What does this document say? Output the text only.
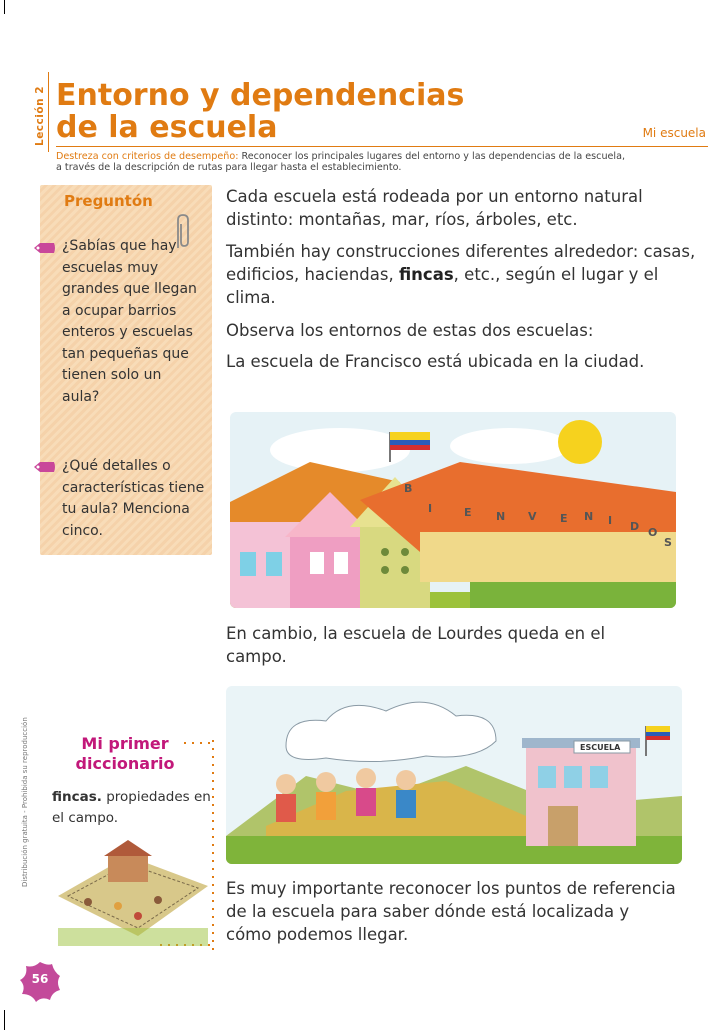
Lección 2 Entorno y dependencias
de la escuela	Mi escuela
Destreza con criterios de desempeño: Reconocer los principales lugares del entorno y las dependencias de la escuela,
a través de la descripción de rutas para llegar hasta el establecimiento.
Preguntón
¿Sabías que hay escuelas muy grandes que llegan a ocupar barrios enteros y escuelas tan pequeñas que tienen solo un aula?
¿Qué detalles o características tiene tu aula? Menciona cinco.
Cada escuela está rodeada por un entorno natural distinto: montañas, mar, ríos, árboles, etc.
También hay construcciones diferentes alrededor: casas, edificios, haciendas, fincas, etc., según el lugar y el clima.
Observa los entornos de estas dos escuelas:
La escuela de Francisco está ubicada en la ciudad.
B
I	E N V E N I D O
S
En cambio, la escuela de Lourdes queda en el campo.
ESCUELA
Mi primer
diccionario
fincas. propiedades en el campo.
Es muy importante reconocer los puntos de referencia de la escuela para saber dónde está localizada y cómo podemos llegar.
Distribución gratuita - Prohibida su reproducción
56
